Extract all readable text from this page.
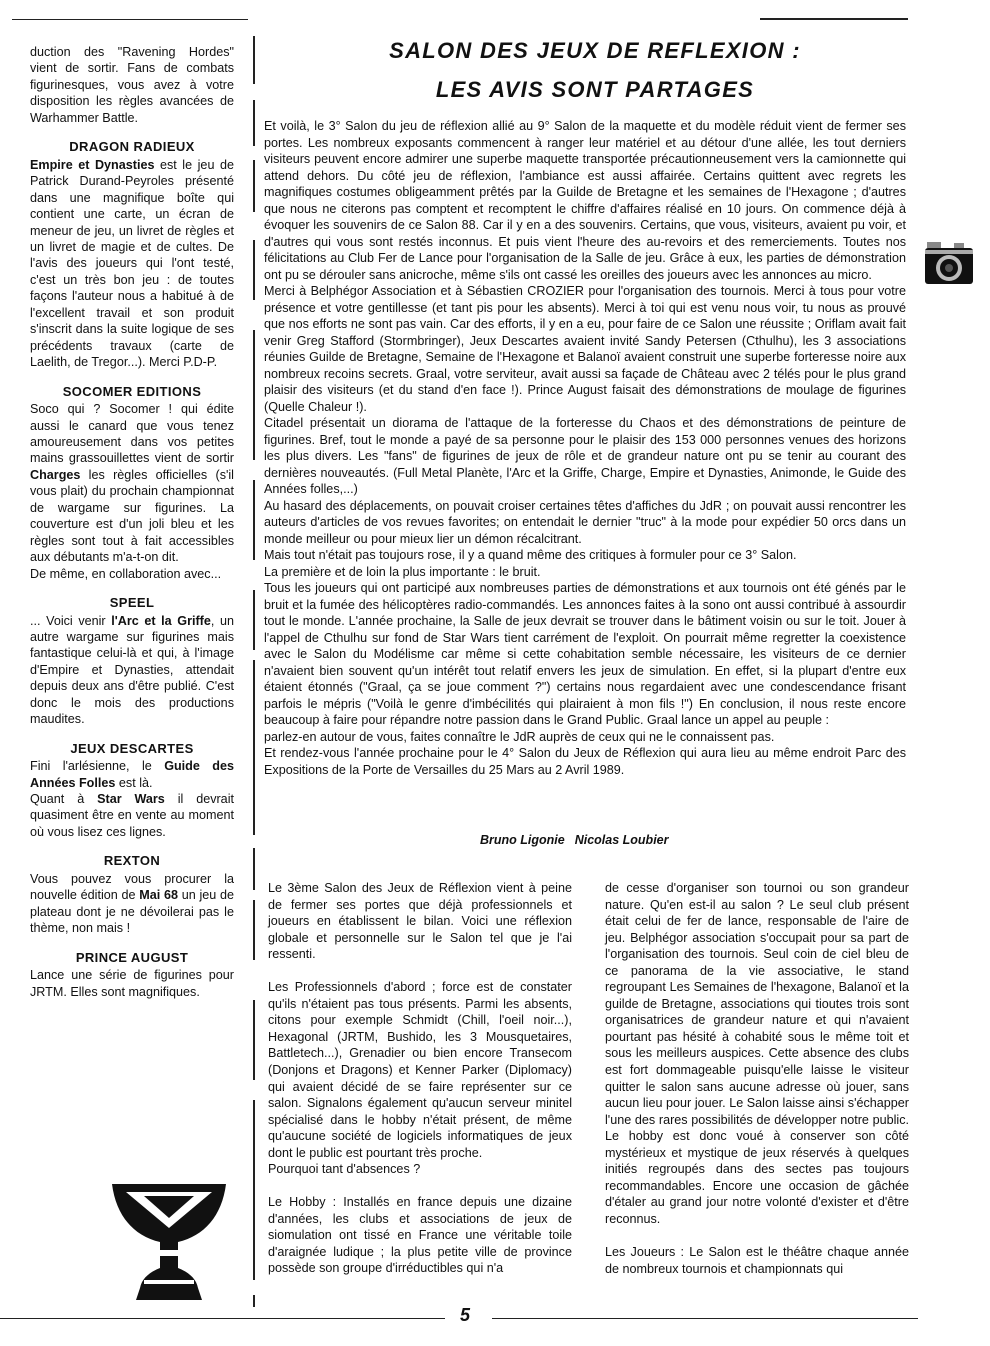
duction des "Ravening Hordes" vient de sortir. Fans de combats figurinesques, vous avez à votre disposition les règles avancées de Warhammer Battle.

DRAGON RADIEUX

Empire et Dynasties est le jeu de Patrick Durand-Peyroles présenté dans une magnifique boîte qui contient une carte, un écran de meneur de jeu, un livret de règles et un livret de magie et de cultes. De l'avis des joueurs qui l'ont testé, c'est un très bon jeu : de toutes façons l'auteur nous a habitué à de l'excellent travail et son produit s'inscrit dans la suite logique de ses précédents travaux (carte de Laelith, de Tregor...). Merci P.D-P.

SOCOMER EDITIONS

Soco qui ? Socomer ! qui édite aussi le canard que vous tenez amoureusement dans vos petites mains grassouillettes vient de sortir Charges les règles officielles (s'il vous plait) du prochain championnat de wargame sur figurines. La couverture est d'un joli bleu et les règles sont tout à fait accessibles aux débutants m'a-t-on dit.

De même, en collaboration avec...

SPEEL

... Voici venir l'Arc et la Griffe, un autre wargame sur figurines mais fantastique celui-là et qui, à l'image d'Empire et Dynasties, attendait depuis deux ans d'être publié. C'est donc le mois des productions maudites.

JEUX DESCARTES

Fini l'arlésienne, le Guide des Années Folles est là.

Quant à Star Wars il devrait quasiment être en vente au moment où vous lisez ces lignes.

REXTON

Vous pouvez vous procurer la nouvelle édition de Mai 68 un jeu de plateau dont je ne dévoilerai pas le thème, non mais !

PRINCE AUGUST

Lance une série de figurines pour JRTM. Elles sont magnifiques.

SALON DES JEUX DE REFLEXION :
LES AVIS SONT PARTAGES

Et voilà, le 3° Salon du jeu de réflexion allié au 9° Salon de la maquette et du modèle réduit vient de fermer ses portes. Les nombreux exposants commencent à ranger leur matériel et au détour d'une allée, les tout derniers visiteurs peuvent encore admirer une superbe maquette transportée précautionneusement vers la camionnette qui attend dehors. Du côté jeu de réflexion, l'ambiance est aussi affairée. Certains quittent avec regrets les magnifiques costumes obligeamment prêtés par la Guilde de Bretagne et les semaines de l'Hexagone ; d'autres que nous ne citerons pas comptent et recomptent le chiffre d'affaires réalisé en 10 jours. On commence déjà à évoquer les souvenirs de ce Salon 88. Car il y en a des souvenirs. Certains, que vous, visiteurs, avaient pu voir, et d'autres qui vous sont restés inconnus. Et puis vient l'heure des au-revoirs et des remerciements. Toutes nos félicitations au Club Fer de Lance pour l'organisation de la Salle de jeu. Grâce à eux, les parties de démonstration ont pu se dérouler sans anicroche, même s'ils ont cassé les oreilles des joueurs avec les annonces au micro.

Merci à Belphégor Association et à Sébastien CROZIER pour l'organisation des tournois. Merci à tous pour votre présence et votre gentillesse (et tant pis pour les absents). Merci à toi qui est venu nous voir, tu nous as prouvé que nos efforts ne sont pas vain. Car des efforts, il y en a eu, pour faire de ce Salon une réussite ; Oriflam avait fait venir Greg Stafford (Stormbringer), Jeux Descartes avaient invité Sandy Petersen (Cthulhu), les 3 associations réunies Guilde de Bretagne, Semaine de l'Hexagone et Balanoï avaient construit une superbe forteresse noire aux nombreux recoins secrets. Graal, votre serviteur, avait aussi sa façade de Château avec 2 télés pour le plus grand plaisir des visiteurs (et du stand d'en face !). Prince August faisait des démonstrations de moulage de figurines (Quelle Chaleur !).

Citadel présentait un diorama de l'attaque de la forteresse du Chaos et des démonstrations de peinture de figurines. Bref, tout le monde a payé de sa personne pour le plaisir des 153 000 personnes venues des horizons les plus divers. Les "fans" de figurines de jeux de rôle et de grandeur nature ont pu se tenir au courant des dernières nouveautés. (Full Metal Planète, l'Arc et la Griffe, Charge, Empire et Dynasties, Animonde, le Guide des Années folles,...)

Au hasard des déplacements, on pouvait croiser certaines têtes d'affiches du JdR ; on pouvait aussi rencontrer les auteurs d'articles de vos revues favorites; on entendait le dernier "truc" à la mode pour expédier 50 orcs dans un monde meilleur ou pour mieux lier un démon récalcitrant.

Mais tout n'était pas toujours rose, il y a quand même des critiques à formuler pour ce 3° Salon.

La première et de loin la plus importante : le bruit.

Tous les joueurs qui ont participé aux nombreuses parties de démonstrations et aux tournois ont été génés par le bruit et la fumée des hélicoptères radio-commandés. Les annonces faites à la sono ont aussi contribué à assourdir tout le monde. L'année prochaine, la Salle de jeux devrait se trouver dans le bâtiment voisin ou sur le toit. Jouer à l'appel de Cthulhu sur fond de Star Wars tient carrément de l'exploit. On pourrait même regretter la coexistence avec le Salon du Modélisme car même si cette cohabitation semble nécessaire, les visiteurs de ce dernier n'avaient bien souvent qu'un intérêt tout relatif envers les jeux de simulation. En effet, si la plupart d'entre eux étaient étonnés ("Graal, ça se joue comment ?") certains nous regardaient avec une condescendance frisant parfois le mépris ("Voilà le genre d'imbécilités qui plairaient à mon fils !") En conclusion, il nous reste encore beaucoup à faire pour répandre notre passion dans le Grand Public. Graal lance un appel au peuple :

parlez-en autour de vous, faites connaître le JdR auprès de ceux qui ne le connaissent pas.

Et rendez-vous l'année prochaine pour le 4° Salon du Jeux de Réflexion qui aura lieu au même endroit Parc des Expositions de la Porte de Versailles du 25 Mars au 2 Avril 1989.

Bruno Ligonie Nicolas Loubier

Le 3ème Salon des Jeux de Réflexion vient à peine de fermer ses portes que déjà professionnels et joueurs en établissent le bilan. Voici une réflexion globale et personnelle sur le Salon tel que je l'ai ressenti.

Les Professionnels d'abord ; force est de constater qu'ils n'étaient pas tous présents. Parmi les absents, citons pour exemple Schmidt (Chill, l'oeil noir...), Hexagonal (JRTM, Bushido, les 3 Mousquetaires, Battletech...), Grenadier ou bien encore Transecom (Donjons et Dragons) et Kenner Parker (Diplomacy) qui avaient décidé de se faire représenter sur ce salon. Signalons également qu'aucun serveur minitel spécialisé dans le hobby n'était présent, de même qu'aucune société de logiciels informatiques de jeux dont le public est pourtant très proche.
Pourquoi tant d'absences ?

Le Hobby : Installés en france depuis une dizaine d'années, les clubs et associations de jeux de siomulation ont tissé en France une véritable toile d'araignée ludique ; la plus petite ville de province possède son groupe d'irréductibles qui n'a

de cesse d'organiser son tournoi ou son grandeur nature. Qu'en est-il au salon ? Le seul club présent était celui de fer de lance, responsable de l'aire de jeu. Belphégor association s'occupait pour sa part de l'organisation des tournois. Seul coin de ciel bleu de ce panorama de la vie associative, le stand regroupant Les Semaines de l'hexagone, Balanoï et la guilde de Bretagne, associations qui tioutes trois sont organisatrices de grandeur nature et qui n'avaient pourtant pas hésité à cohabité sous le même toit et sous les meilleurs auspices. Cette absence des clubs est fort dommageable puisqu'elle laisse le visiteur quitter le salon sans aucune adresse où jouer, sans aucun lieu pour jouer. Le Salon laisse ainsi s'échapper l'une des rares possibilités de développer notre public. Le hobby est donc voué à conserver son côté mystérieux et mystique de jeux réservés à quelques initiés regroupés dans des sectes pas toujours recommandables. Encore une occasion de gâchée d'étaler au grand jour notre volonté d'exister et d'être reconnus.

Les Joueurs : Le Salon est le théâtre chaque année de nombreux tournois et championnats qui

5
